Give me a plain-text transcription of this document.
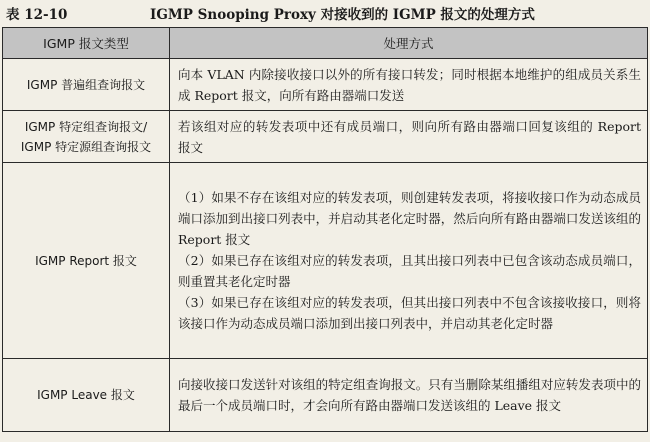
表 12-10	IGMP Snooping Proxy 对接收到的 IGMP 报文的处理方式
IGMP 报文类型	处理方式

IGMP 普遍组查询报文	向本 VLAN 内除接收接口以外的所有接口转发；同时根据本地维护的组成员关系生成 Report 报文，向所有路由器端口发送

IGMP 特定组查询报文/
IGMP 特定源组查询报文	若该组对应的转发表项中还有成员端口，则向所有路由器端口回复该组的 Report 报文

IGMP Report 报文	（1）如果不存在该组对应的转发表项，则创建转发表项，将接收接口作为动态成员端口添加到出接口列表中，并启动其老化定时器，然后向所有路由器端口发送该组的 Report 报文
（2）如果已存在该组对应的转发表项，且其出接口列表中已包含该动态成员端口，则重置其老化定时器
（3）如果已存在该组对应的转发表项，但其出接口列表中不包含该接收接口，则将该接口作为动态成员端口添加到出接口列表中，并启动其老化定时器

IGMP Leave 报文	向接收接口发送针对该组的特定组查询报文。只有当删除某组播组对应转发表项中的最后一个成员端口时，才会向所有路由器端口发送该组的 Leave 报文
